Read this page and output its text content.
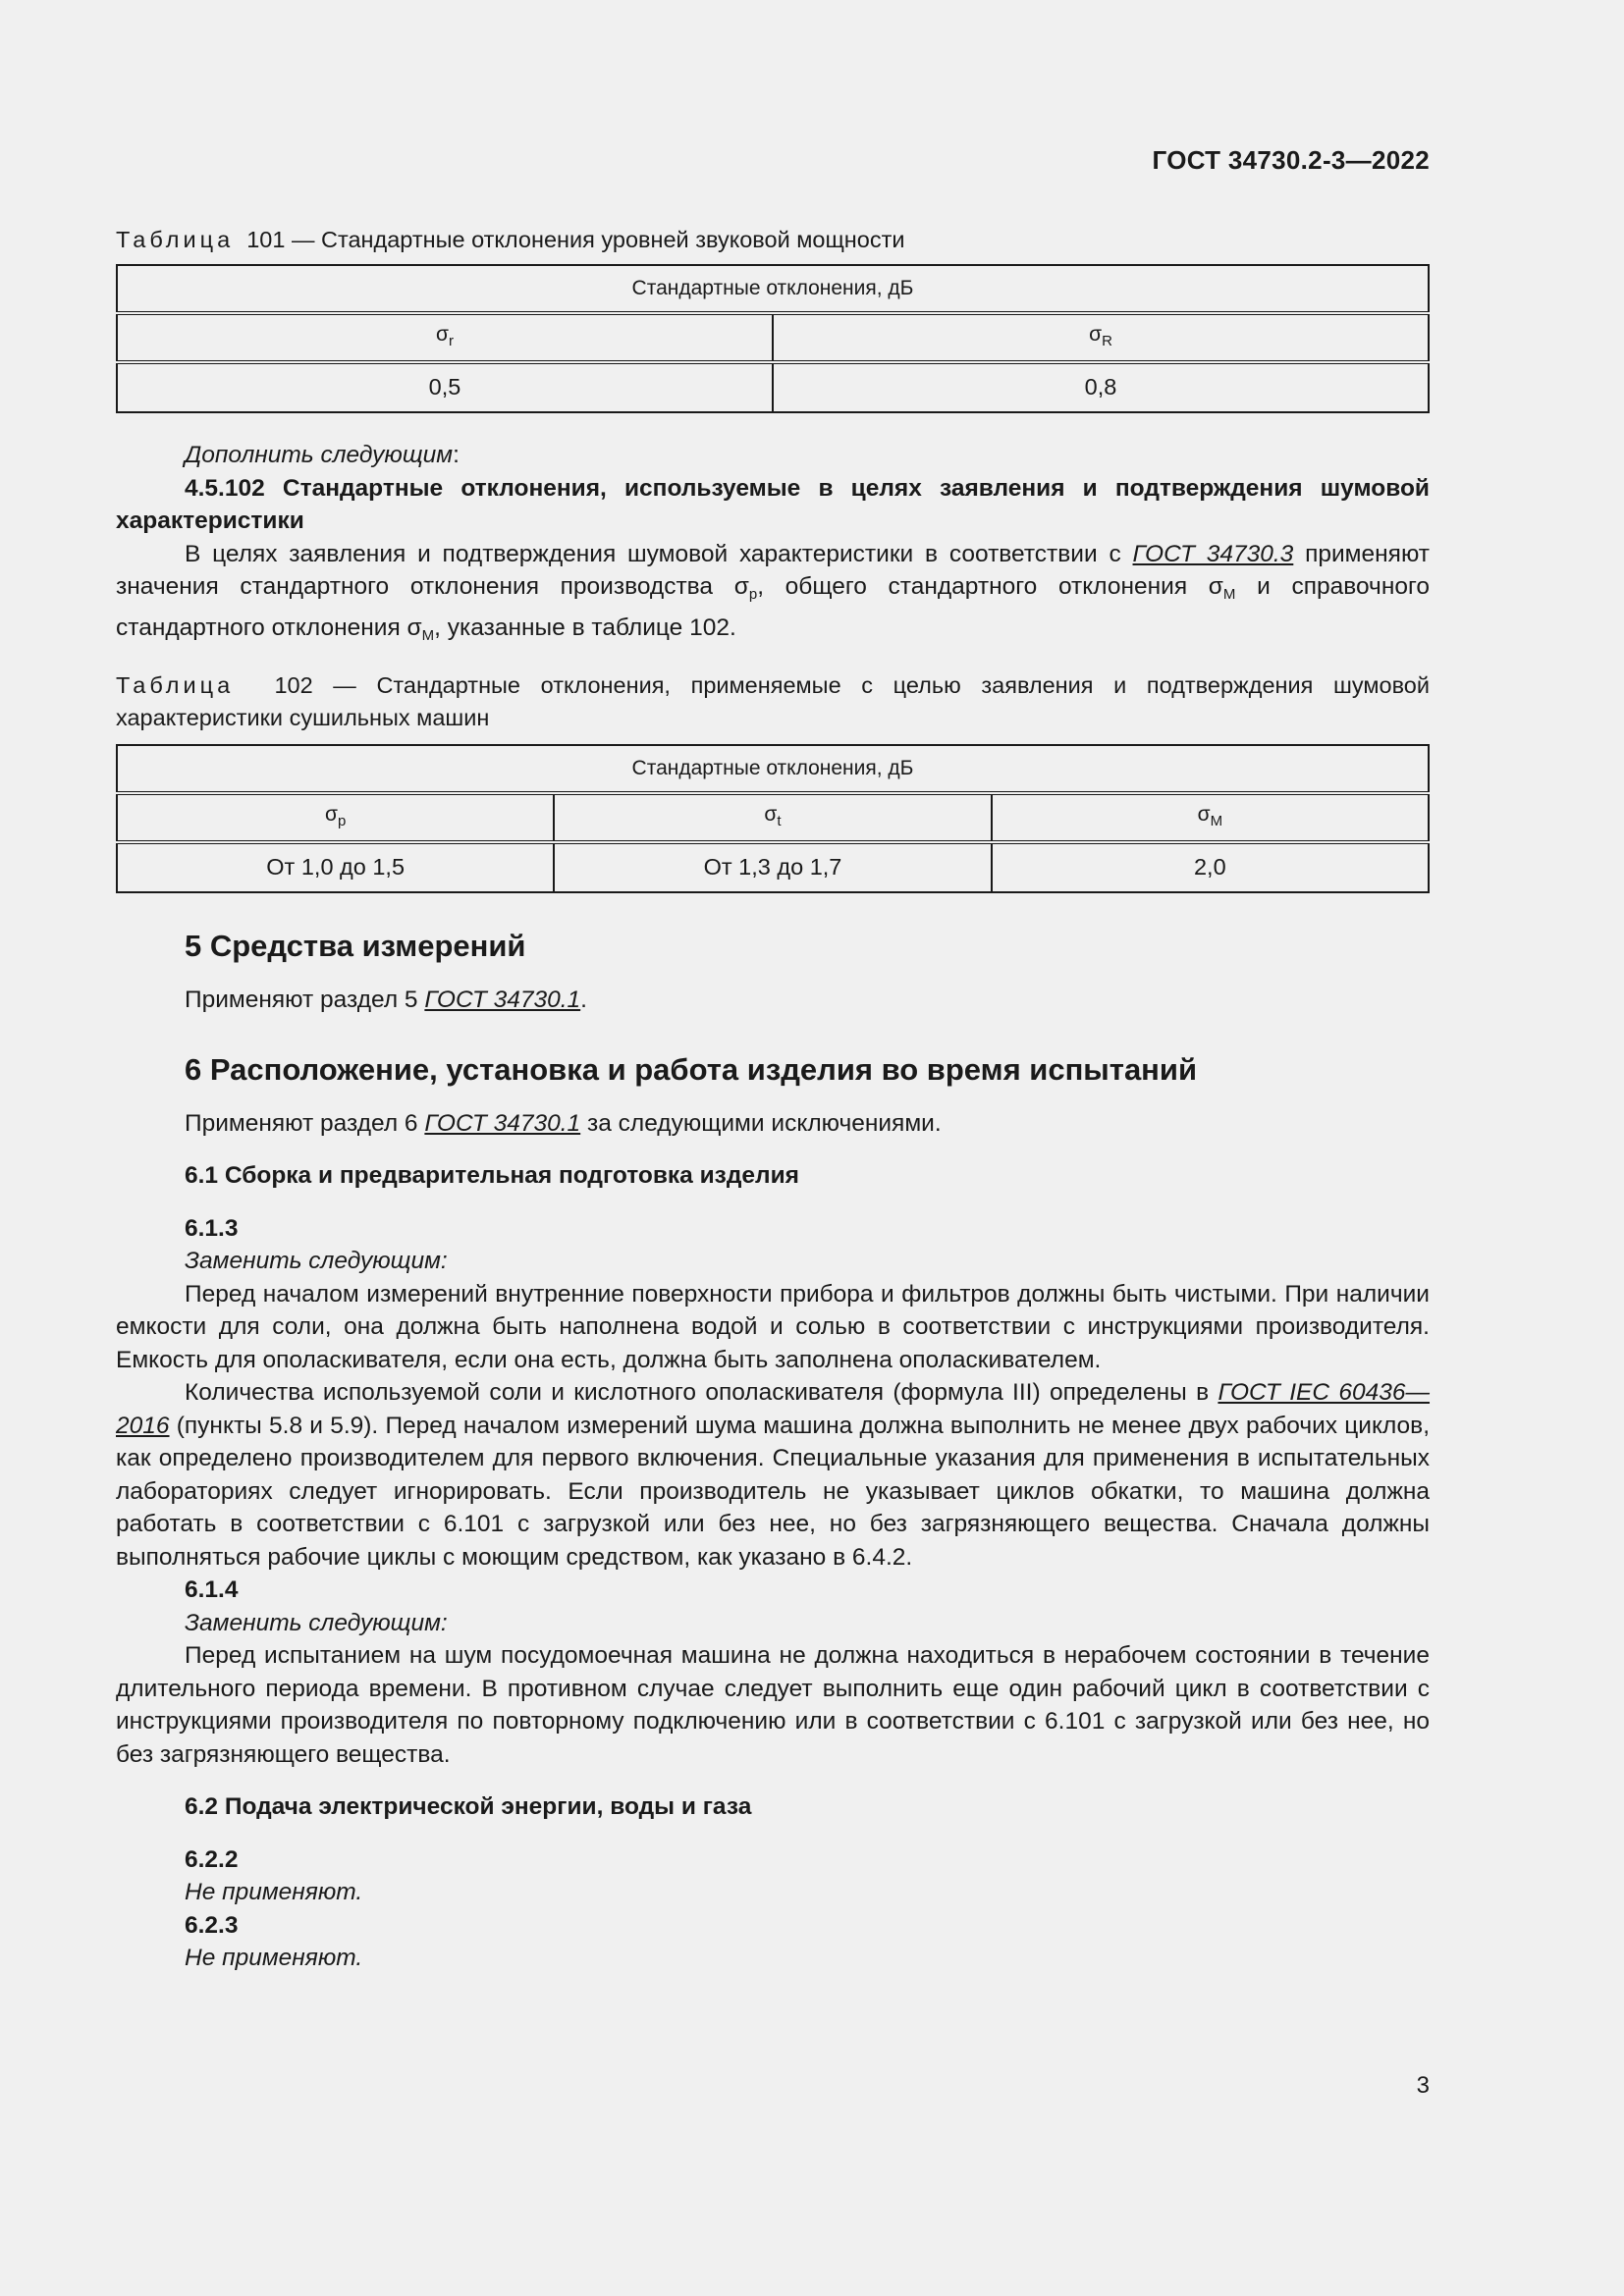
ГОСТ 34730.2-3—2022

Таблица 101 — Стандартные отклонения уровней звуковой мощности

Стандартные отклонения, дБ	
$\sigma_r$	$\sigma_R$
0,5	0,8

Дополнить следующим:

4.5.102 Стандартные отклонения, используемые в целях заявления и подтверждения шумовой характеристики

В целях заявления и подтверждения шумовой характеристики в соответствии с ГОСТ 34730.3 применяют значения стандартного отклонения производства $\sigma_p$, общего стандартного отклонения $\sigma_M$ и справочного стандартного отклонения $\sigma_M$, указанные в таблице 102.

Таблица 102 — Стандартные отклонения, применяемые с целью заявления и подтверждения шумовой характеристики сушильных машин

Стандартные отклонения, дБ		
$\sigma_p$	$\sigma_t$	$\sigma_M$
От 1,0 до 1,5	От 1,3 до 1,7	2,0
5 Средства измерений

Применяют раздел 5 ГОСТ 34730.1.

6 Расположение, установка и работа изделия во время испытаний

Применяют раздел 6 ГОСТ 34730.1 за следующими исключениями.

6.1 Сборка и предварительная подготовка изделия

6.1.3

Заменить следующим:

Перед началом измерений внутренние поверхности прибора и фильтров должны быть чистыми. При наличии емкости для соли, она должна быть наполнена водой и солью в соответствии с инструкциями производителя. Емкость для ополаскивателя, если она есть, должна быть заполнена ополаскивателем.

Количества используемой соли и кислотного ополаскивателя (формула III) определены в ГОСТ IEC 60436—2016 (пункты 5.8 и 5.9). Перед началом измерений шума машина должна выполнить не менее двух рабочих циклов, как определено производителем для первого включения. Специальные указания для применения в испытательных лабораториях следует игнорировать. Если производитель не указывает циклов обкатки, то машина должна работать в соответствии с 6.101 с загрузкой или без нее, но без загрязняющего вещества. Сначала должны выполняться рабочие циклы с моющим средством, как указано в 6.4.2.

6.1.4

Заменить следующим:

Перед испытанием на шум посудомоечная машина не должна находиться в нерабочем состоянии в течение длительного периода времени. В противном случае следует выполнить еще один рабочий цикл в соответствии с инструкциями производителя по повторному подключению или в соответствии с 6.101 с загрузкой или без нее, но без загрязняющего вещества.

6.2 Подача электрической энергии, воды и газа

6.2.2

Не применяют.

6.2.3

Не применяют.

3
